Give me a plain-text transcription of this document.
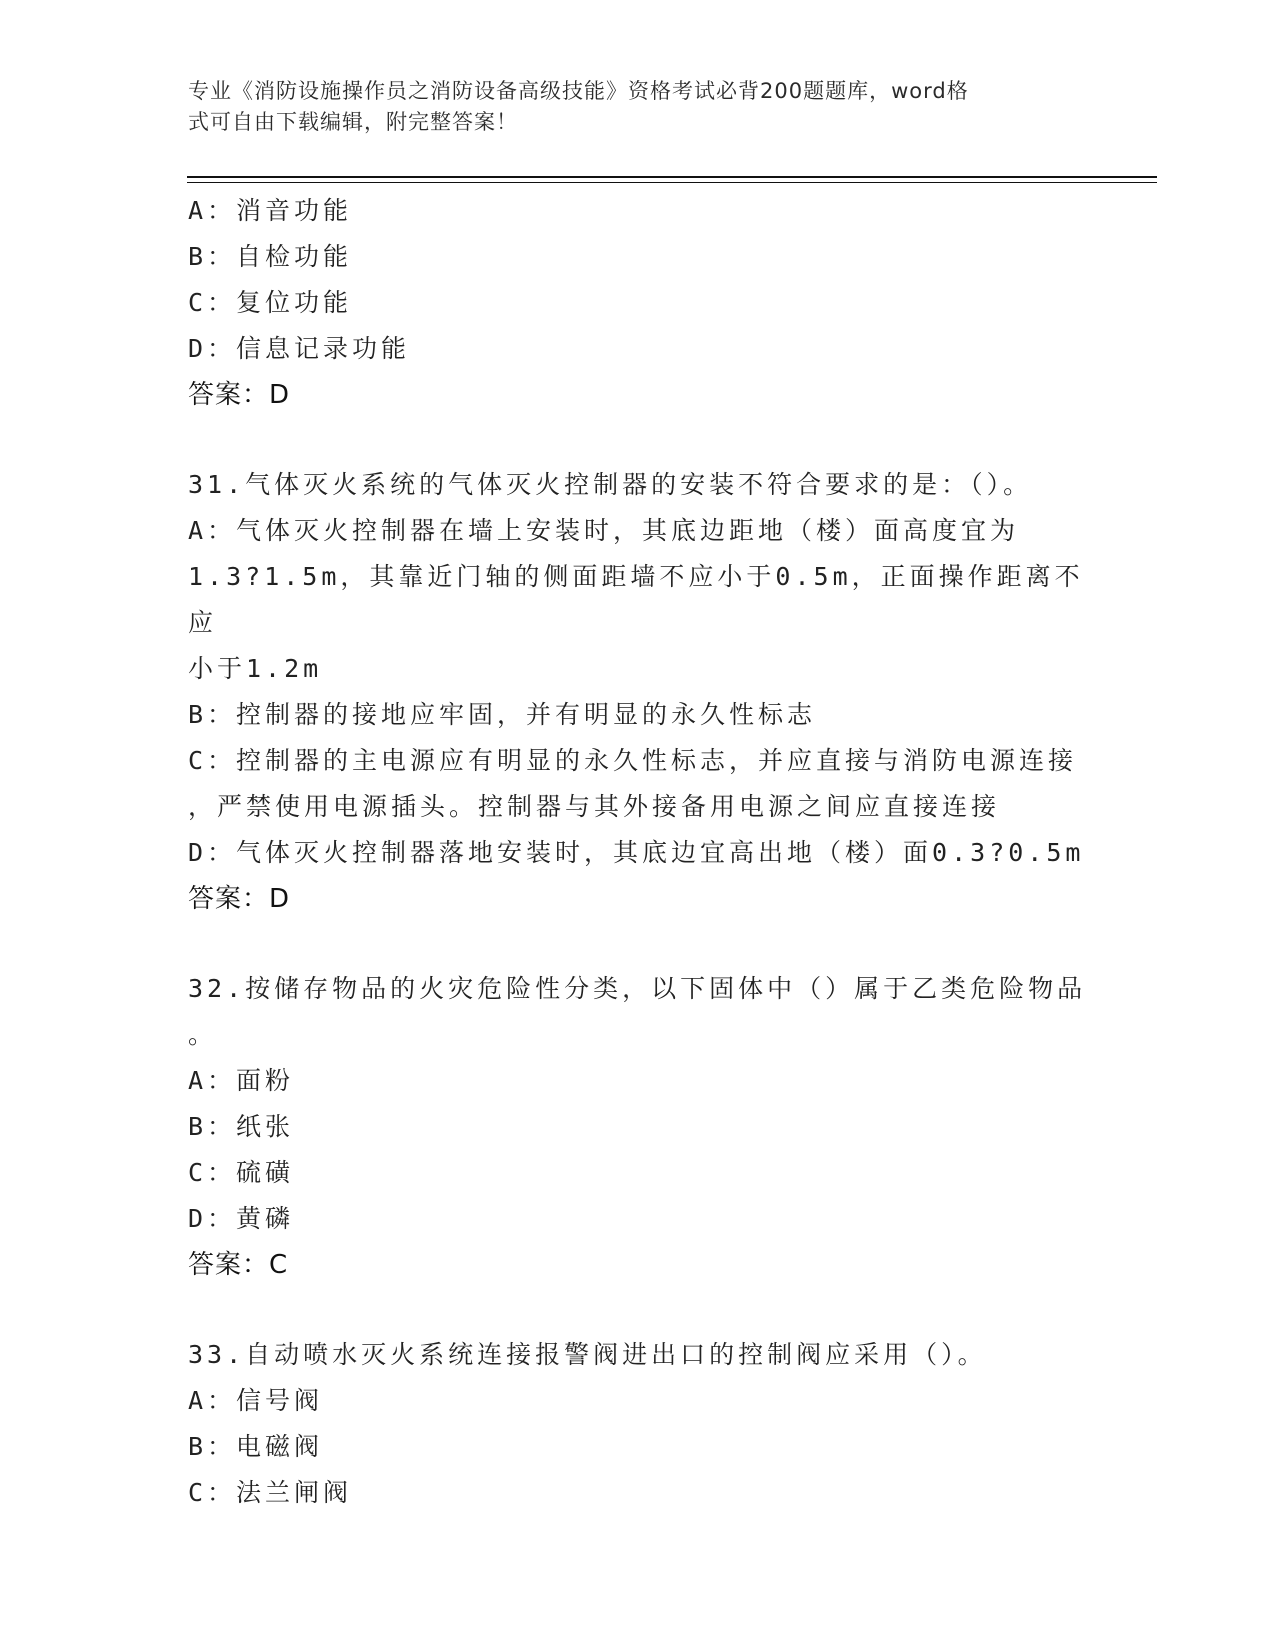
专业《消防设施操作员之消防设备高级技能》资格考试必背200题题库，word格
式可自由下载编辑，附完整答案！
A：消音功能
B：自检功能
C：复位功能
D：信息记录功能
答案：D
31.气体灭火系统的气体灭火控制器的安装不符合要求的是：（）。
A：气体灭火控制器在墙上安装时，其底边距地（楼）面高度宜为
1.3?1.5m，其靠近门轴的侧面距墙不应小于0.5m，正面操作距离不应
小于1.2m
B：控制器的接地应牢固，并有明显的永久性标志
C：控制器的主电源应有明显的永久性标志，并应直接与消防电源连接
，严禁使用电源插头。控制器与其外接备用电源之间应直接连接
D：气体灭火控制器落地安装时，其底边宜高出地（楼）面0.3?0.5m
答案：D
32.按储存物品的火灾危险性分类，以下固体中（）属于乙类危险物品
。
A：面粉
B：纸张
C：硫磺
D：黄磷
答案：C
33.自动喷水灭火系统连接报警阀进出口的控制阀应采用（）。
A：信号阀
B：电磁阀
C：法兰闸阀
